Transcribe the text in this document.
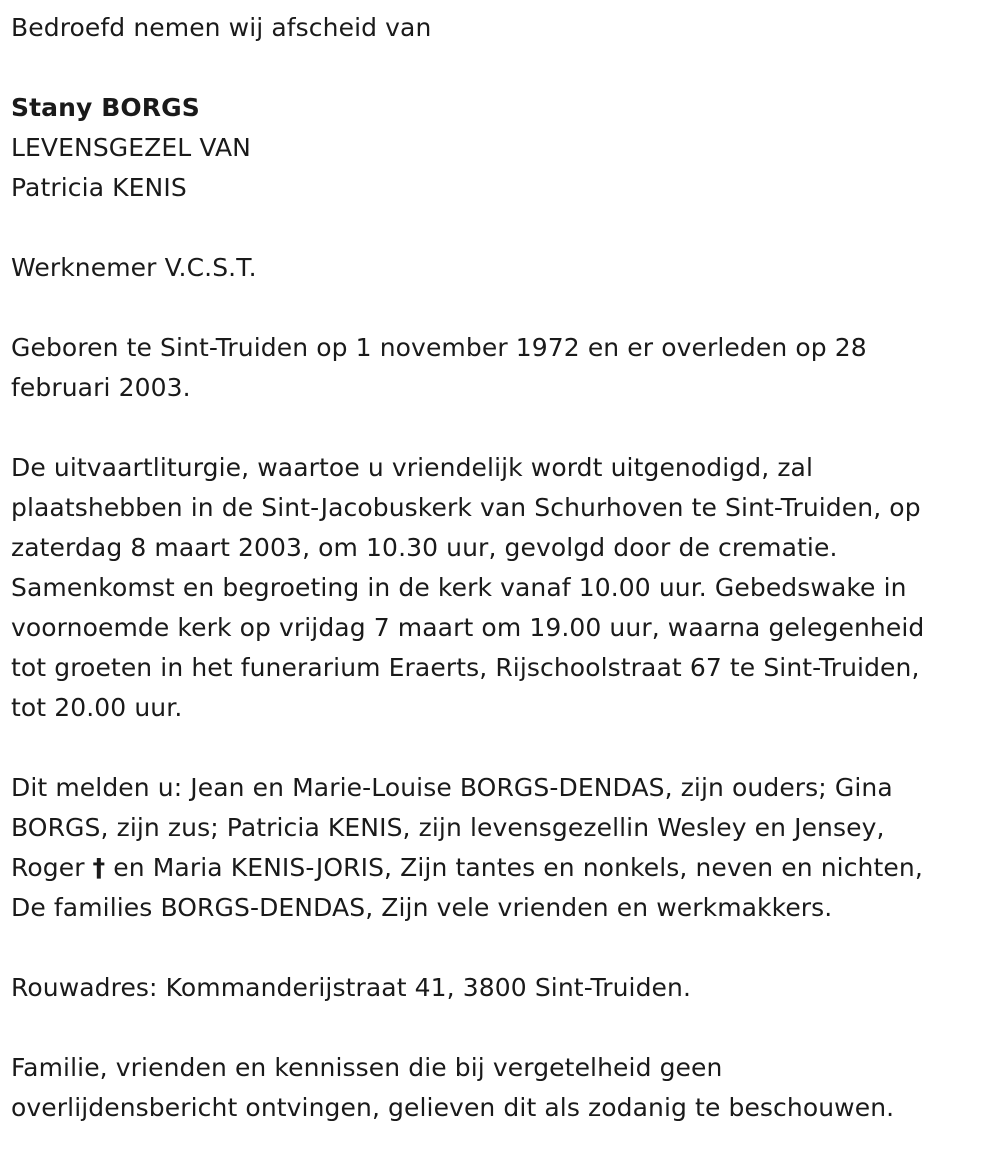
Bedroefd nemen wij afscheid van

Stany BORGS

LEVENSGEZEL VAN

Patricia KENIS

Werknemer V.C.S.T.

Geboren te Sint-Truiden op 1 november 1972 en er overleden op 28

februari 2003.

De uitvaartliturgie, waartoe u vriendelijk wordt uitgenodigd, zal

plaatshebben in de Sint-Jacobuskerk van Schurhoven te Sint-Truiden, op

zaterdag 8 maart 2003, om 10.30 uur, gevolgd door de crematie.

Samenkomst en begroeting in de kerk vanaf 10.00 uur. Gebedswake in

voornoemde kerk op vrijdag 7 maart om 19.00 uur, waarna gelegenheid

tot groeten in het funerarium Eraerts, Rijschoolstraat 67 te Sint-Truiden,

tot 20.00 uur.

Dit melden u: Jean en Marie-Louise BORGS-DENDAS, zijn ouders; Gina

BORGS, zijn zus; Patricia KENIS, zijn levensgezellin Wesley en Jensey,

Roger † en Maria KENIS-JORIS, Zijn tantes en nonkels, neven en nichten,

De families BORGS-DENDAS, Zijn vele vrienden en werkmakkers.

Rouwadres: Kommanderijstraat 41, 3800 Sint-Truiden.

Familie, vrienden en kennissen die bij vergetelheid geen

overlijdensbericht ontvingen, gelieven dit als zodanig te beschouwen.
